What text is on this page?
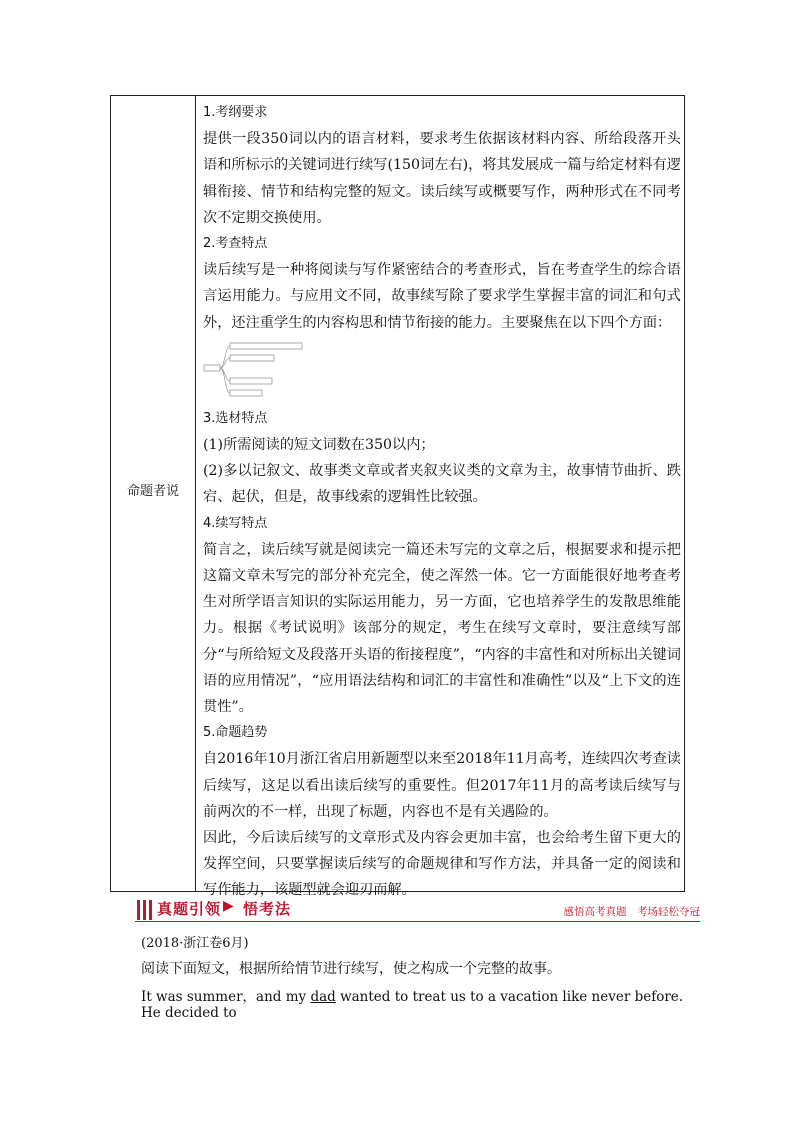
命题者说

1.考纲要求

提供一段350词以内的语言材料，要求考生依据该材料内容、所给段落开头语和所标示的关键词进行续写(150词左右)，将其发展成一篇与给定材料有逻辑衔接、情节和结构完整的短文。读后续写或概要写作，两种形式在不同考次不定期交换使用。

2.考查特点

读后续写是一种将阅读与写作紧密结合的考查形式，旨在考查学生的综合语言运用能力。与应用文不同，故事续写除了要求学生掌握丰富的词汇和句式外，还注重学生的内容构思和情节衔接的能力。主要聚焦在以下四个方面：

3.选材特点

(1)所需阅读的短文词数在350以内；

(2)多以记叙文、故事类文章或者夹叙夹议类的文章为主，故事情节曲折、跌宕、起伏，但是，故事线索的逻辑性比较强。

4.续写特点

简言之，读后续写就是阅读完一篇还未写完的文章之后，根据要求和提示把这篇文章未写完的部分补充完全，使之浑然一体。它一方面能很好地考查考生对所学语言知识的实际运用能力，另一方面，它也培养学生的发散思维能力。根据《考试说明》该部分的规定，考生在续写文章时，要注意续写部分“与所给短文及段落开头语的衔接程度”，“内容的丰富性和对所标出关键词语的应用情况”，“应用语法结构和词汇的丰富性和准确性”以及“上下文的连贯性”。

5.命题趋势

自2016年10月浙江省启用新题型以来至2018年11月高考，连续四次考查读后续写，这足以看出读后续写的重要性。但2017年11月的高考读后续写与前两次的不一样，出现了标题，内容也不是有关遇险的。

因此，今后读后续写的文章形式及内容会更加丰富，也会给考生留下更大的发挥空间，只要掌握读后续写的命题规律和写作方法，并具备一定的阅读和写作能力，该题型就会迎刃而解。

真题引领 ▶ 悟考法	感悟高考真题　考场轻松夺冠
(2018·浙江卷6月)
阅读下面短文，根据所给情节进行续写，使之构成一个完整的故事。
It was summer，and my dad wanted to treat us to a vacation like never before. He decided to
